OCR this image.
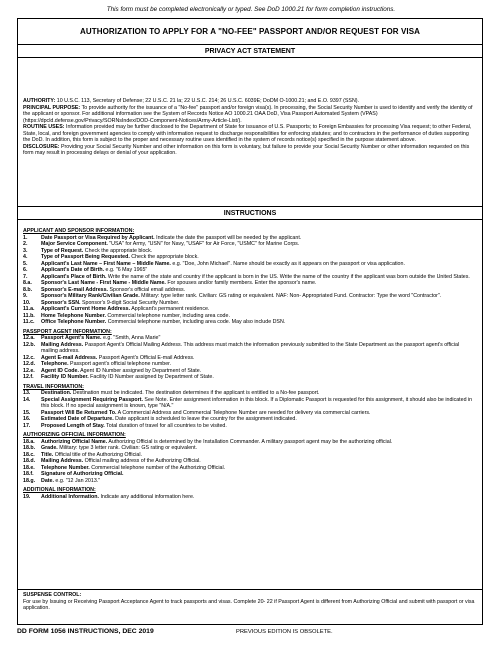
This form must be completed electronically or typed. See DoD 1000.21 for form completion instructions.
AUTHORIZATION TO APPLY FOR A "NO-FEE" PASSPORT AND/OR REQUEST FOR VISA
PRIVACY ACT STATEMENT

AUTHORITY: 10 U.S.C. 113, Secretary of Defense; 22 U.S.C. 21 la; 22 U.S.C. 214; 26 U.S.C. 6039E; DoDM O-1000.21; and E.O. 9397 (SSN).

PRINCIPAL PURPOSE: To provide authority for the issuance of a "No-fee" passport and/or foreign visa(s). In processing, the Social Security Number is used to identify and verify the identity of the applicant or sponsor. For additional information see the System of Records Notice AO 1000.21 OAA DoD, Visa Passport Automated System (VPAS) (https://dpcld.defense.gov/Privacy/SORNsIndex/DOD-Component-Notices/Army-Article-List/).

ROUTINE USES: Information provided may be further disclosed to the Department of State for issuance of U.S. Passports; to Foreign Embassies for processing Visa request; to other Federal, State, local, and foreign government agencies to comply with information request to discharge responsibilities for enforcing statutes; and to contractors in the performance of duties supporting the DoD. In addition, this form is subject to the proper and necessary routine uses identified in the system of records notice(s) specified in the purpose statement above.

DISCLOSURE: Providing your Social Security Number and other information on this form is voluntary, but failure to provide your Social Security Number or other information requested on this form may result in processing delays or denial of your application.

INSTRUCTIONS
APPLICANT AND SPONSOR INFORMATION:
1.	Date Passport or Visa Required by Applicant. Indicate the date the passport will be needed by the applicant.
2.	Major Service Component. "USA" for Army, "USN" for Navy, "USAF" for Air Force, "USMC" for Marine Corps.
3.	Type of Request. Check the appropriate block.
4.	Type of Passport Being Requested. Check the appropriate block.
5.	Applicant's Last Name – First Name – Middle Name. e.g. "Doe, John Michael". Name should be exactly as it appears on the passport or visa application.
6.	Applicant's Date of Birth. e.g. "6 May 1965"
7.	Applicant's Place of Birth. Write the name of the state and country if the applicant is born in the US. Write the name of the country if the applicant was born outside the United States.
8.a.	Sponsor's Last Name - First Name - Middle Name. For spouses and/or family members. Enter the sponsor's name.
8.b.	Sponsor's E-mail Address. Sponsor's official email address.
9.	Sponsor's Military Rank/Civilian Grade. Military: type letter rank. Civilian: GS rating or equivalent. NAF: Non- Appropriated Fund. Contractor: Type the word "Contractor".
10.	Sponsor's SSN. Sponsor's 9-digit Social Security Number.
11.a.	Applicant's Current Home Address. Applicant's permanent residence.
11.b.	Home Telephone Number. Commercial telephone number, including area code.
11.c.	Office Telephone Number. Commercial telephone number, including area code. May also include DSN.
PASSPORT AGENT INFORMATION:
12.a.	Passport Agent's Name. e.g. "Smith, Anna Marie"
12.b.	Mailing Address. Passport Agent's Official Mailing Address. This address must match the information previously submitted to the State Department as the passport agent's official mailing address.
12.c.	Agent E-mail Address. Passport Agent's Official E-mail Address.
12.d.	Telephone. Passport agent's official telephone number.
12.e.	Agent ID Code. Agent ID Number assigned by Department of State.
12.f.	Facility ID Number. Facility ID Number assigned by Department of State.
TRAVEL INFORMATION:
13.	Destination. Destination must be indicated. The destination determines if the applicant is entitled to a No-fee passport.
14.	Special Assignment Requiring Passport. See Note. Enter assignment information in this block. If a Diplomatic Passport is requested for this assignment, it should also be indicated in this block. If no special assignment is known, type "N/A."
15.	Passport Will Be Returned To. A Commercial Address and Commercial Telephone Number are needed for delivery via commercial carriers.
16.	Estimated Date of Departure. Date applicant is scheduled to leave the country for the assignment indicated.
17.	Proposed Length of Stay. Total duration of travel for all countries to be visited.
AUTHORIZING OFFICIAL INFORMATION:
18.a.	Authorizing Official Name. Authorizing Official is determined by the Installation Commander. A military passport agent may be the authorizing official.
18.b.	Grade. Military: type 3 letter rank. Civilian: GS rating or equivalent.
18.c.	Title. Official title of the Authorizing Official.
18.d.	Mailing Address. Official mailing address of the Authorizing Official.
18.e.	Telephone Number. Commercial telephone number of the Authorizing Official.
18.f.	Signature of Authorizing Official.
18.g.	Date. e.g. "12 Jan 2013."
ADDITIONAL INFORMATION:
19.	Additional Information. Indicate any additional information here.
SUSPENSE CONTROL:
For use by Issuing or Receiving Passport Acceptance Agent to track passports and visas. Complete 20- 22 if Passport Agent is different from Authorizing Official and submit with passport or visa application.
DD FORM 1056 INSTRUCTIONS, DEC 2019	PREVIOUS EDITION IS OBSOLETE.
